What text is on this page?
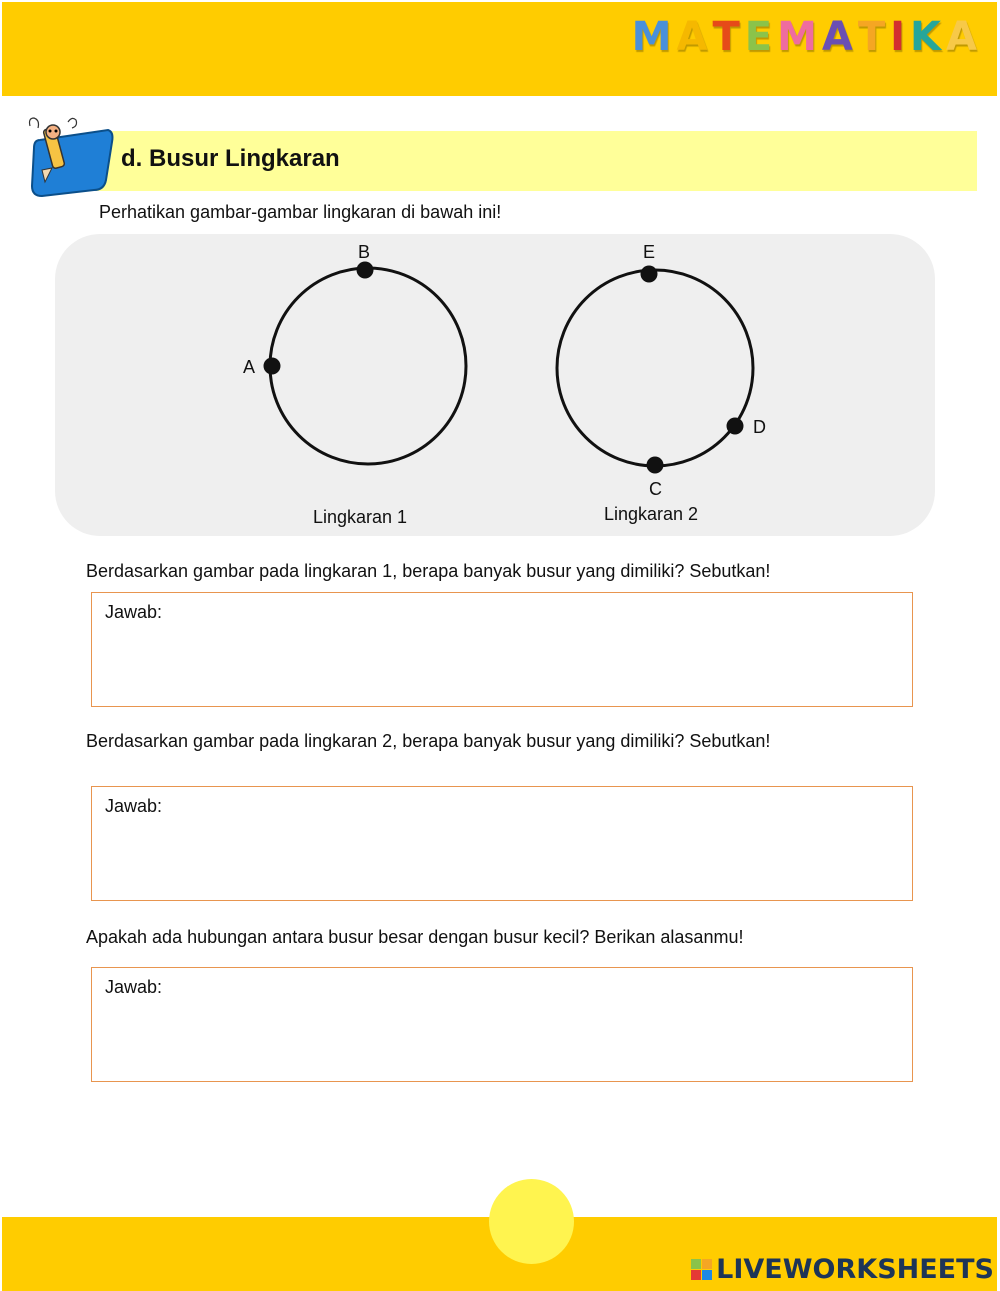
M A T E M A T I K A
d. Busur Lingkaran
Perhatikan gambar-gambar lingkaran di bawah ini!
A
B
C
D
E
Lingkaran 1	Lingkaran 2
Berdasarkan gambar pada lingkaran 1, berapa banyak busur yang dimiliki? Sebutkan!
Jawab:
Berdasarkan gambar pada lingkaran 2, berapa banyak busur yang dimiliki? Sebutkan!
Jawab:
Apakah ada hubungan antara busur besar dengan busur kecil? Berikan alasanmu!
Jawab:
LIVEWORKSHEETS
